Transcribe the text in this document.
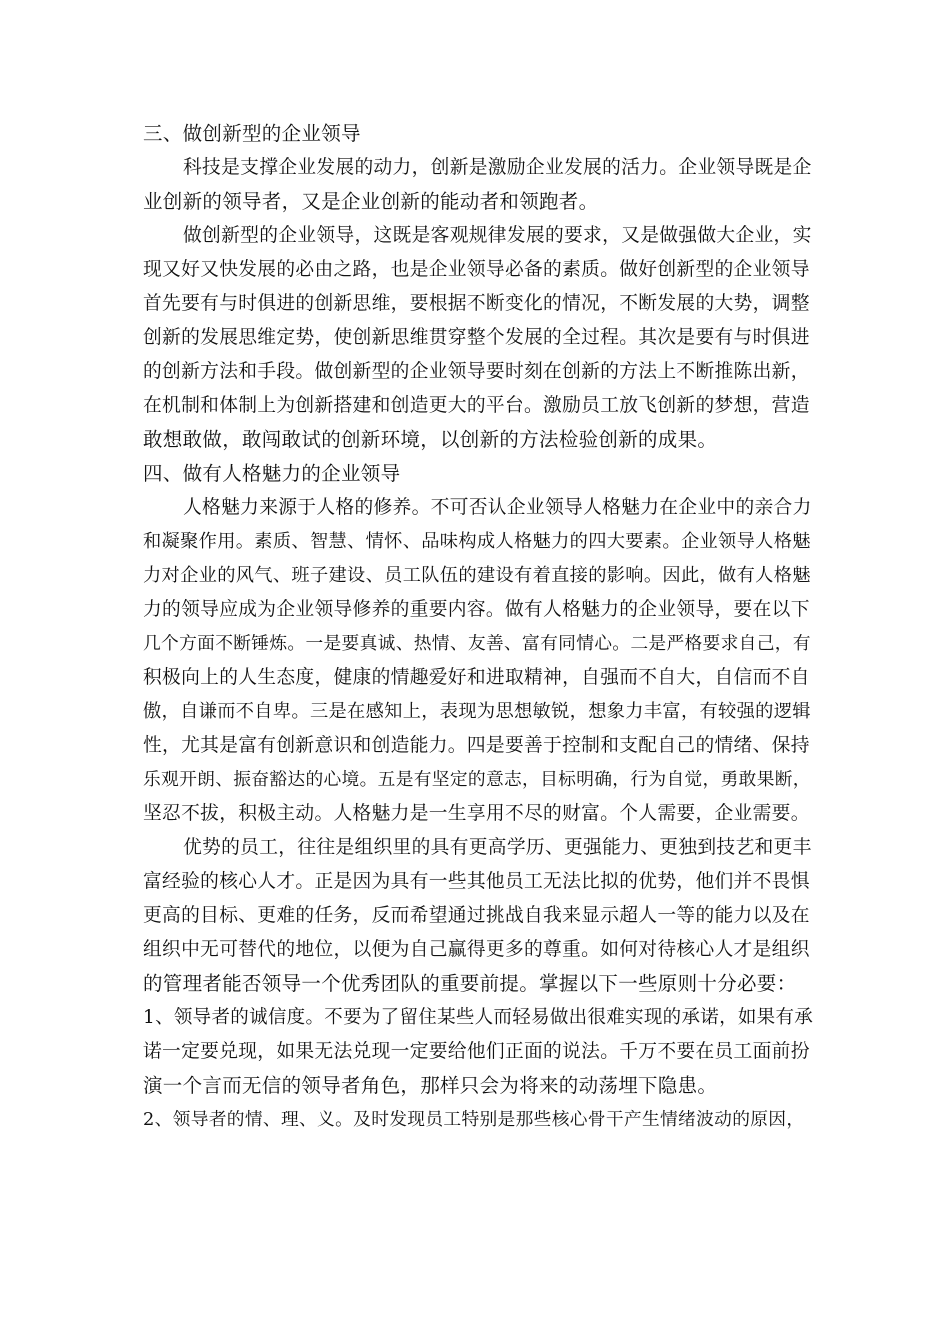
三、做创新型的企业领导
科技是支撑企业发展的动力，创新是激励企业发展的活力。企业领导既是企
业创新的领导者，又是企业创新的能动者和领跑者。
做创新型的企业领导，这既是客观规律发展的要求，又是做强做大企业，实
现又好又快发展的必由之路，也是企业领导必备的素质。做好创新型的企业领导
首先要有与时俱进的创新思维，要根据不断变化的情况，不断发展的大势，调整
创新的发展思维定势，使创新思维贯穿整个发展的全过程。其次是要有与时俱进
的创新方法和手段。做创新型的企业领导要时刻在创新的方法上不断推陈出新，
在机制和体制上为创新搭建和创造更大的平台。激励员工放飞创新的梦想，营造
敢想敢做，敢闯敢试的创新环境，以创新的方法检验创新的成果。
四、做有人格魅力的企业领导
人格魅力来源于人格的修养。不可否认企业领导人格魅力在企业中的亲合力
和凝聚作用。素质、智慧、情怀、品味构成人格魅力的四大要素。企业领导人格魅
力对企业的风气、班子建设、员工队伍的建设有着直接的影响。因此，做有人格魅
力的领导应成为企业领导修养的重要内容。做有人格魅力的企业领导，要在以下
几个方面不断锤炼。一是要真诚、热情、友善、富有同情心。二是严格要求自己，有
积极向上的人生态度，健康的情趣爱好和进取精神，自强而不自大，自信而不自
傲，自谦而不自卑。三是在感知上，表现为思想敏锐，想象力丰富，有较强的逻辑
性，尤其是富有创新意识和创造能力。四是要善于控制和支配自己的情绪、保持
乐观开朗、振奋豁达的心境。五是有坚定的意志，目标明确，行为自觉，勇敢果断，
坚忍不拔，积极主动。人格魅力是一生享用不尽的财富。个人需要，企业需要。
优势的员工，往往是组织里的具有更高学历、更强能力、更独到技艺和更丰
富经验的核心人才。正是因为具有一些其他员工无法比拟的优势，他们并不畏惧
更高的目标、更难的任务，反而希望通过挑战自我来显示超人一等的能力以及在
组织中无可替代的地位，以便为自己赢得更多的尊重。如何对待核心人才是组织
的管理者能否领导一个优秀团队的重要前提。掌握以下一些原则十分必要：
1、领导者的诚信度。不要为了留住某些人而轻易做出很难实现的承诺，如果有承
诺一定要兑现，如果无法兑现一定要给他们正面的说法。千万不要在员工面前扮
演一个言而无信的领导者角色，那样只会为将来的动荡埋下隐患。
2、领导者的情、理、义。及时发现员工特别是那些核心骨干产生情绪波动的原因，
